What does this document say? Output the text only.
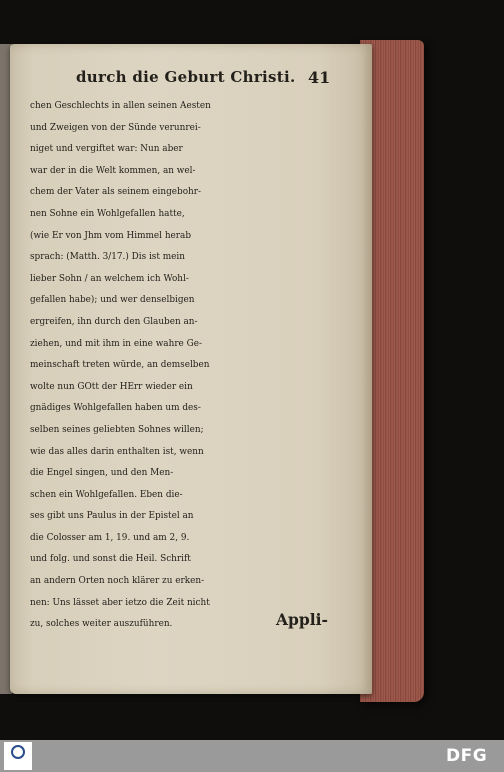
durch die Geburt Christi. 41
chen Geschlechts in allen seinen Aesten
und Zweigen von der Sünde verunrei-
niget und vergiftet war: Nun aber
war der in die Welt kommen, an wel-
chem der Vater als seinem eingebohr-
nen Sohne ein Wohlgefallen hatte,
(wie Er von Jhm vom Himmel herab
sprach: (Matth. 3/17.) Dis ist mein
lieber Sohn / an welchem ich Wohl-
gefallen habe); und wer denselbigen
ergreifen, ihn durch den Glauben an-
ziehen, und mit ihm in eine wahre Ge-
meinschaft treten würde, an demselben
wolte nun GOtt der HErr wieder ein
gnädiges Wohlgefallen haben um des-
selben seines geliebten Sohnes willen;
wie das alles darin enthalten ist, wenn
die Engel singen, und den Men-
schen ein Wohlgefallen. Eben die-
ses gibt uns Paulus in der Epistel an
die Colosser am 1, 19. und am 2, 9.
und folg. und sonst die Heil. Schrift
an andern Orten noch klärer zu erken-
nen: Uns lässet aber ietzo die Zeit nicht
zu, solches weiter auszuführen.	Appli-
DFG
